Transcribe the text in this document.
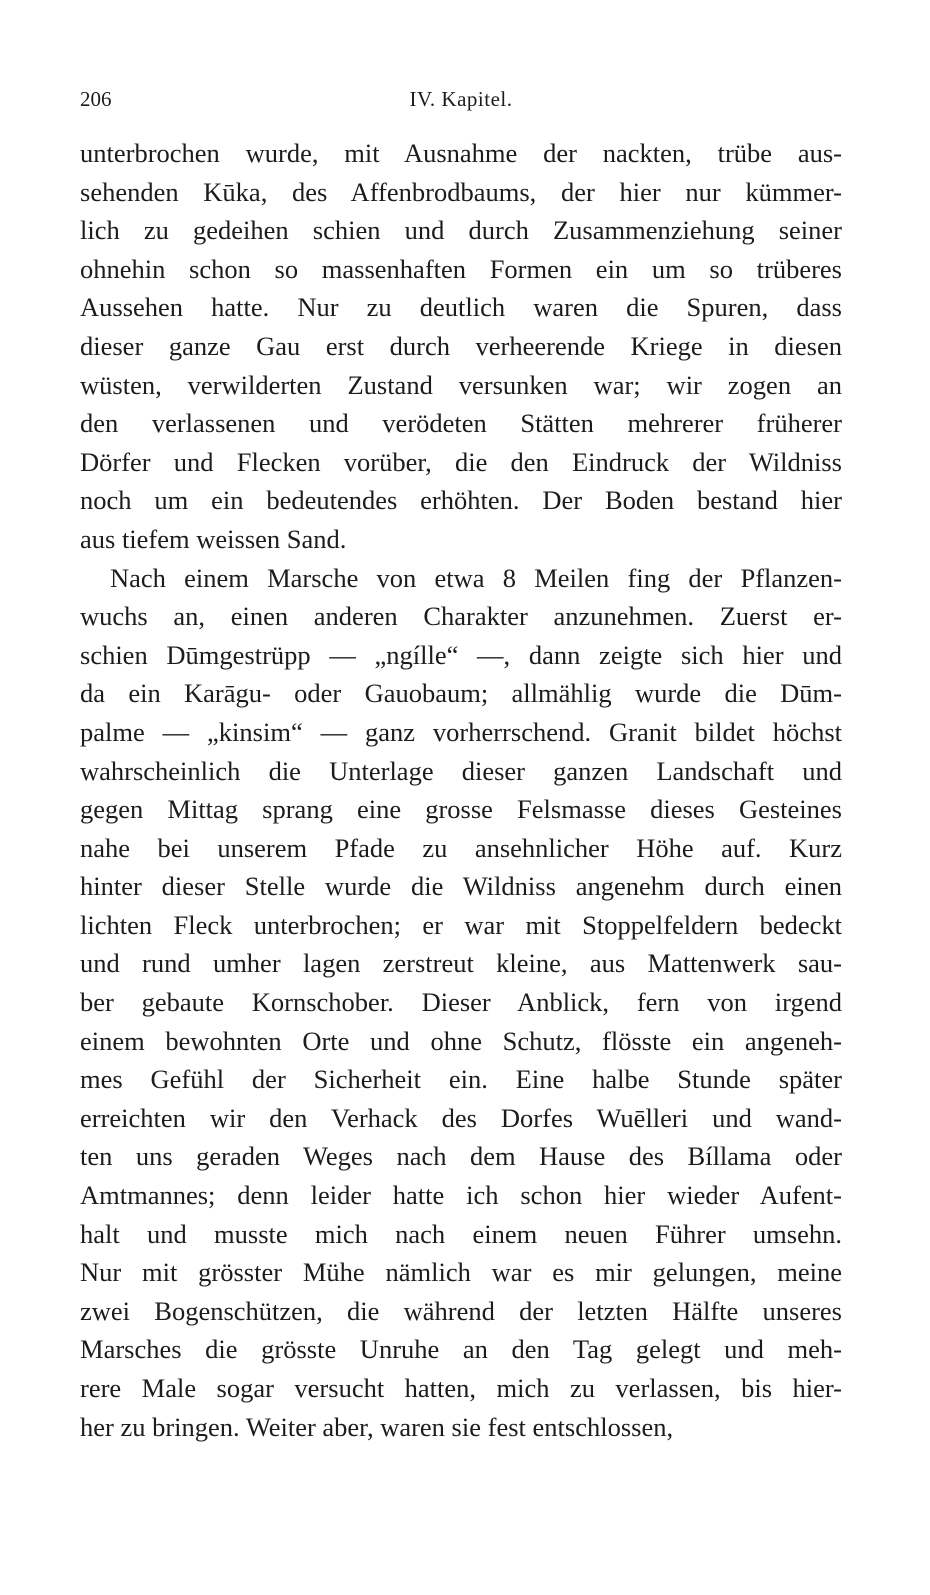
206	IV. Kapitel.
unterbrochen wurde, mit Ausnahme der nackten, trübe aus-
sehenden Kūka, des Affenbrodbaums, der hier nur kümmer-
lich zu gedeihen schien und durch Zusammenziehung seiner
ohnehin schon so massenhaften Formen ein um so trüberes
Aussehen hatte. Nur zu deutlich waren die Spuren, dass
dieser ganze Gau erst durch verheerende Kriege in diesen
wüsten, verwilderten Zustand versunken war; wir zogen an
den verlassenen und verödeten Stätten mehrerer früherer
Dörfer und Flecken vorüber, die den Eindruck der Wildniss
noch um ein bedeutendes erhöhten. Der Boden bestand hier
aus tiefem weissen Sand.
Nach einem Marsche von etwa 8 Meilen fing der Pflanzen-
wuchs an, einen anderen Charakter anzunehmen. Zuerst er-
schien Dūmgestrüpp — „ngílle“ —, dann zeigte sich hier und
da ein Karāgu- oder Gauobaum; allmählig wurde die Dūm-
palme — „kinsim“ — ganz vorherrschend. Granit bildet höchst
wahrscheinlich die Unterlage dieser ganzen Landschaft und
gegen Mittag sprang eine grosse Felsmasse dieses Gesteines
nahe bei unserem Pfade zu ansehnlicher Höhe auf. Kurz
hinter dieser Stelle wurde die Wildniss angenehm durch einen
lichten Fleck unterbrochen; er war mit Stoppelfeldern bedeckt
und rund umher lagen zerstreut kleine, aus Mattenwerk sau-
ber gebaute Kornschober. Dieser Anblick, fern von irgend
einem bewohnten Orte und ohne Schutz, flösste ein angeneh-
mes Gefühl der Sicherheit ein. Eine halbe Stunde später
erreichten wir den Verhack des Dorfes Wuēlleri und wand-
ten uns geraden Weges nach dem Hause des Bíllama oder
Amtmannes; denn leider hatte ich schon hier wieder Aufent-
halt und musste mich nach einem neuen Führer umsehn.
Nur mit grösster Mühe nämlich war es mir gelungen, meine
zwei Bogenschützen, die während der letzten Hälfte unseres
Marsches die grösste Unruhe an den Tag gelegt und meh-
rere Male sogar versucht hatten, mich zu verlassen, bis hier-
her zu bringen. Weiter aber, waren sie fest entschlossen,
